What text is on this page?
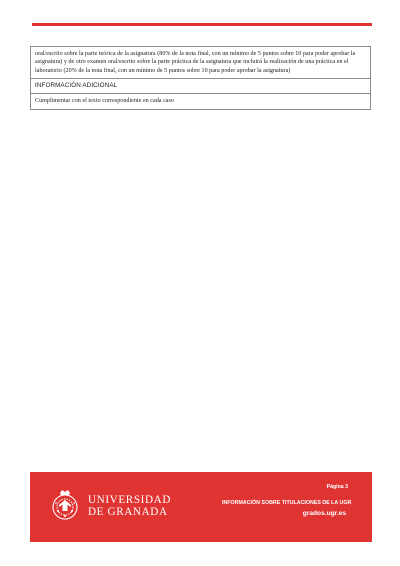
oral/escrito sobre la parte teórica de la asignatura (80% de la nota final, con un mínimo de 5 puntos sobre 10 para poder aprobar la asignatura) y de otro examen oral/escrito sobre la parte práctica de la asignatura que incluirá la realización de una práctica en el laboratorio (20% de la nota final, con un mínimo de 5 puntos sobre 10 para poder aprobar la asignatura)
INFORMACIÓN ADICIONAL
Cumplimentar con el texto correspondiente en cada caso
UNIVERSIDAD
DE GRANADA
Página 3
INFORMACIÓN SOBRE TITULACIONES DE LA UGR
grados.ugr.es
